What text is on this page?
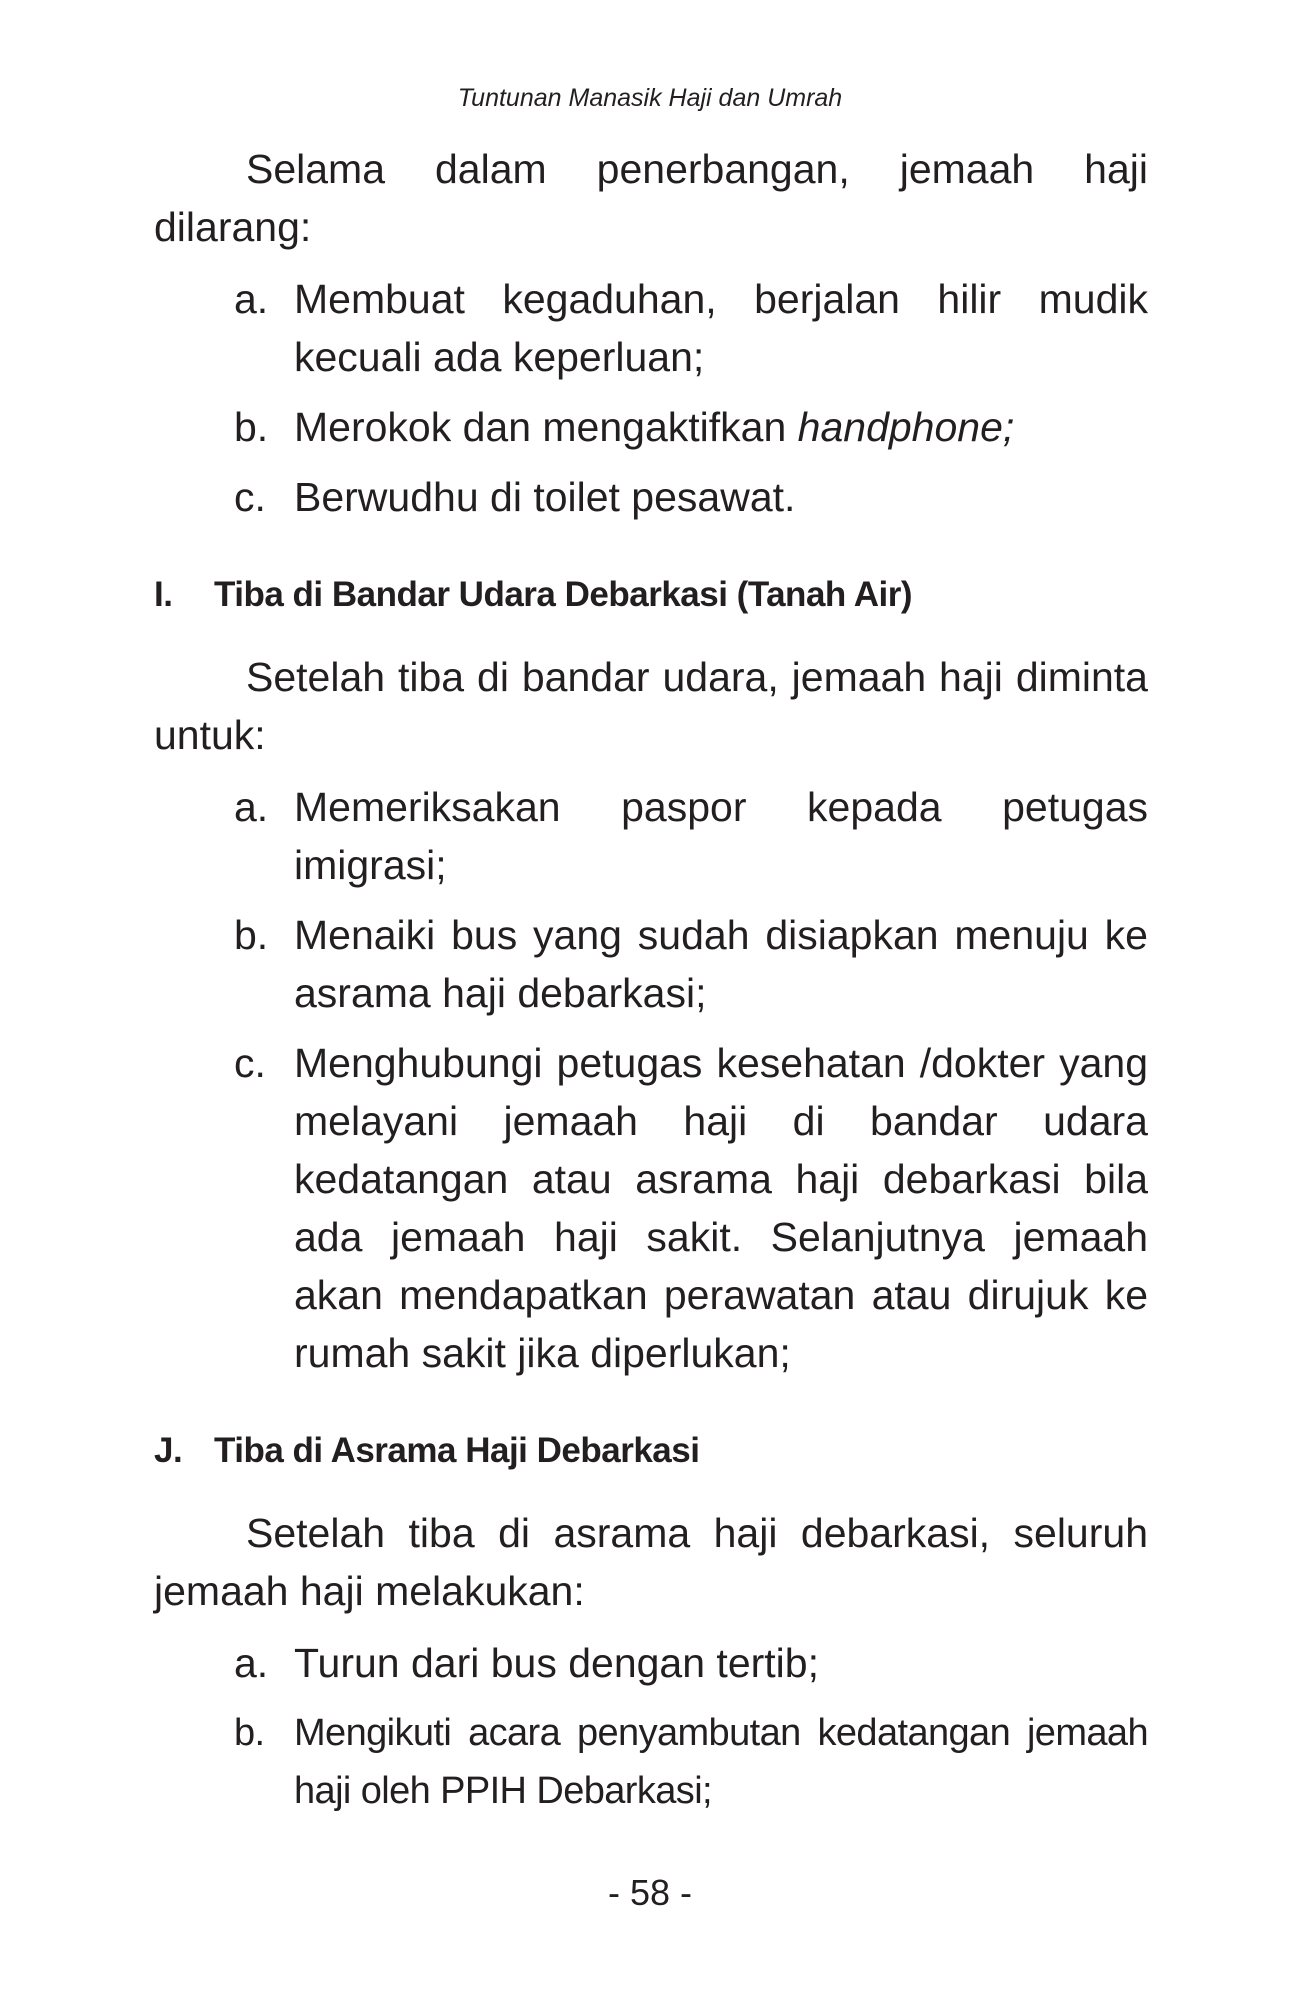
Tuntunan Manasik Haji dan Umrah

Selama dalam penerbangan, jemaah haji dilarang:

a. Membuat kegaduhan, berjalan hilir mudik kecuali ada keperluan;
b. Merokok dan mengaktifkan handphone;
c. Berwudhu di toilet pesawat.
I.	Tiba di Bandar Udara Debarkasi (Tanah Air)

Setelah tiba di bandar udara, jemaah haji diminta untuk:

a. Memeriksakan paspor kepada petugas imigrasi;
b. Menaiki bus yang sudah disiapkan menuju ke asrama haji debarkasi;
c. Menghubungi petugas kesehatan /dokter yang melayani jemaah haji di bandar udara kedatangan atau asrama haji debarkasi bila ada jemaah haji sakit. Selanjutnya jemaah akan mendapatkan perawatan atau dirujuk ke rumah sakit jika diperlukan;
J. Tiba di Asrama Haji Debarkasi

Setelah tiba di asrama haji debarkasi, seluruh jemaah haji melakukan:

a. Turun dari bus dengan tertib;
b. Mengikuti acara penyambutan kedatangan jemaah haji oleh PPIH Debarkasi;
- 58 -
